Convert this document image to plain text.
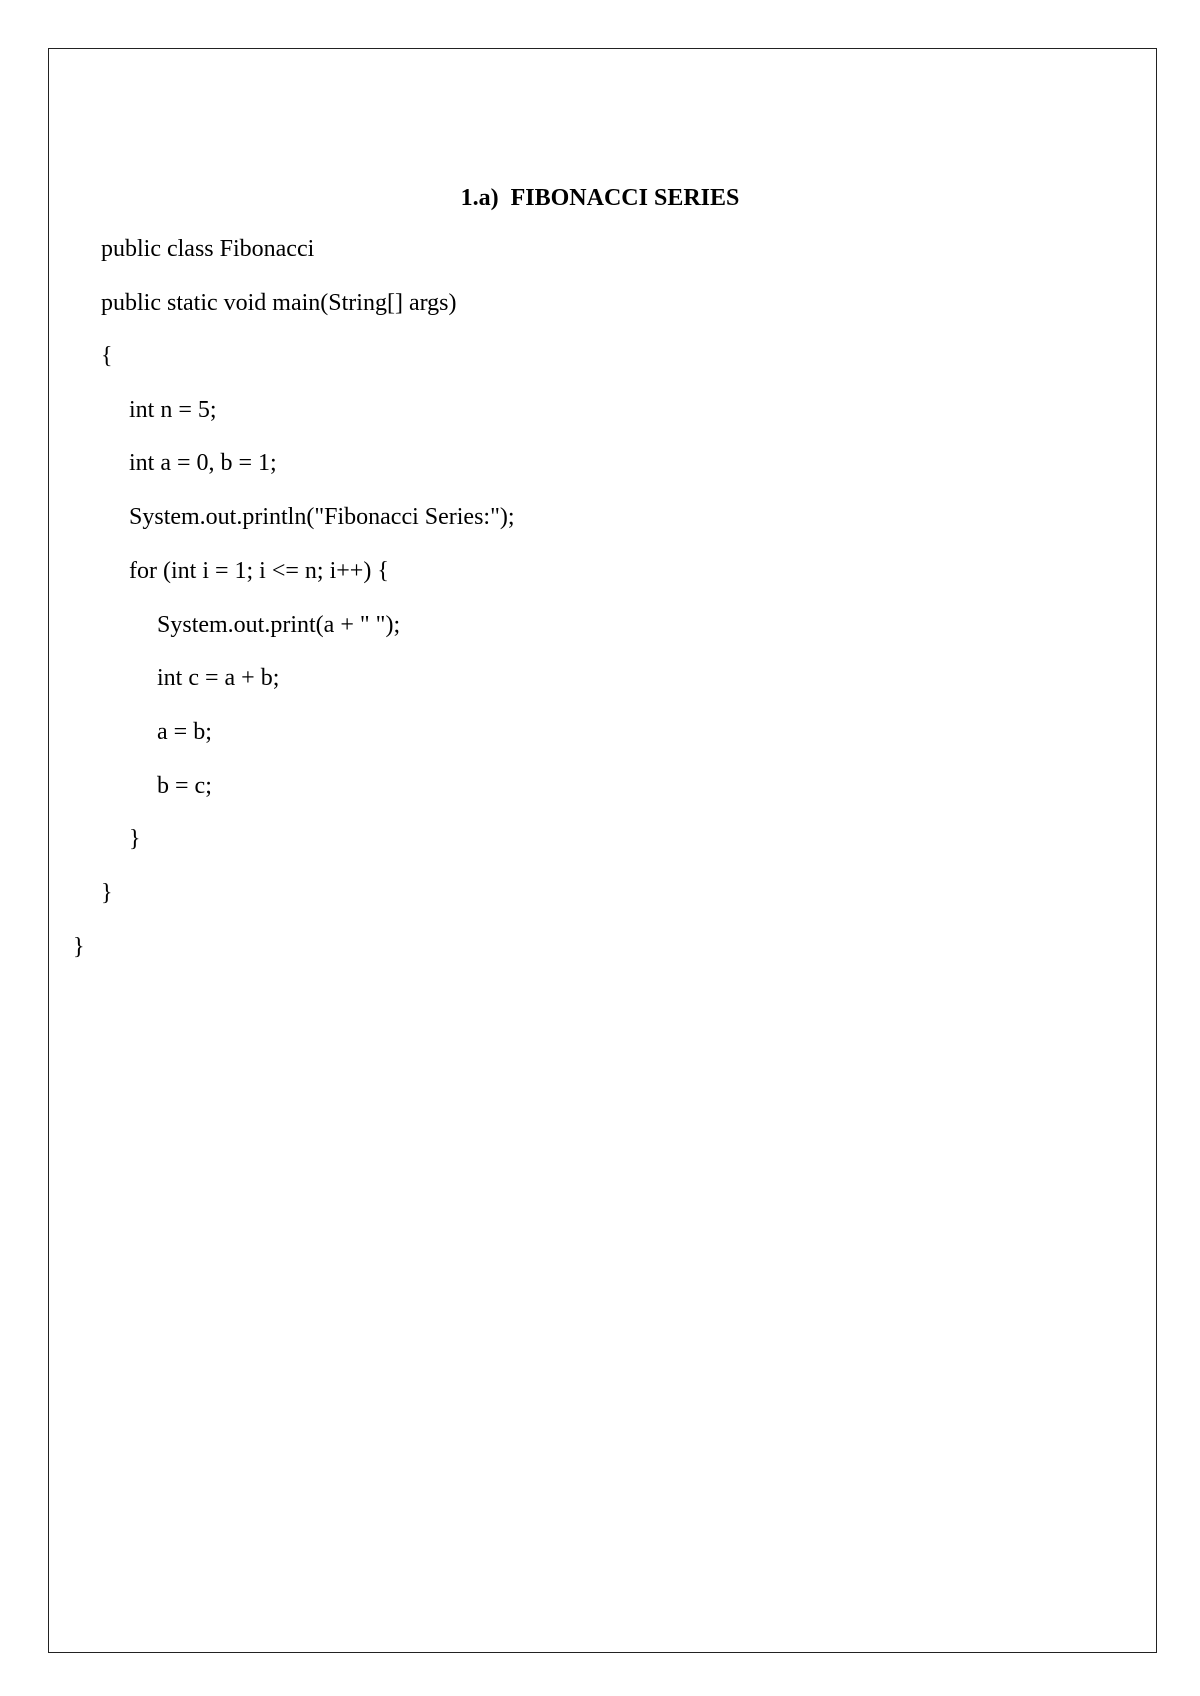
1.a)  FIBONACCI SERIES
public class Fibonacci
public static void main(String[] args)
{
int n = 5;
int a = 0, b = 1;
System.out.println("Fibonacci Series:");
for (int i = 1; i <= n; i++) {
System.out.print(a + " ");
int c = a + b;
a = b;
b = c;
}
}
}
